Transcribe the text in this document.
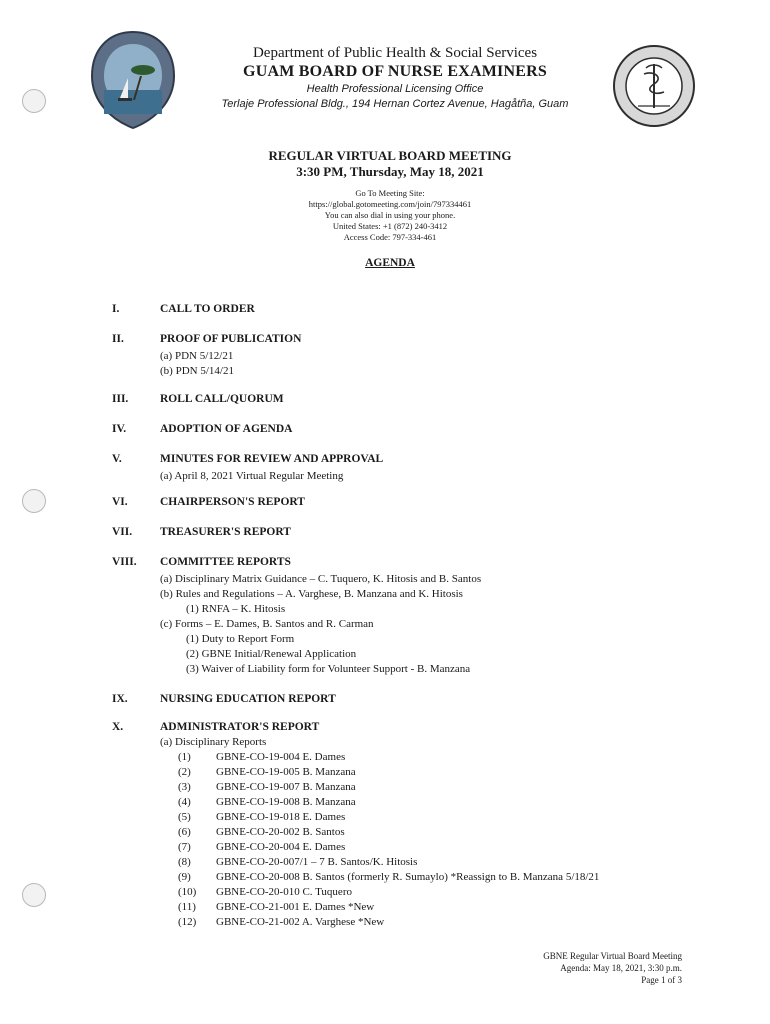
Guam Board of Nurse Examiners
PUBLIC HEALTH SOCIAL SERVICES
Department of Public Health & Social Services
GUAM BOARD OF NURSE EXAMINERS
Health Professional Licensing Office
Terlaje Professional Bldg., 194 Hernan Cortez Avenue, Hagåtña, Guam
REGULAR VIRTUAL BOARD MEETING
3:30 PM, Thursday, May 18, 2021
Go To Meeting Site:
https://global.gotomeeting.com/join/797334461
You can also dial in using your phone.
United States: +1 (872) 240-3412
Access Code: 797-334-461
AGENDA
I.	CALL TO ORDER
II.	PROOF OF PUBLICATION
(a) PDN 5/12/21
(b) PDN 5/14/21
III.	ROLL CALL/QUORUM
IV.	ADOPTION OF AGENDA
V.	MINUTES FOR REVIEW AND APPROVAL
(a) April 8, 2021 Virtual Regular Meeting
VI.	CHAIRPERSON'S REPORT
VII. TREASURER'S REPORT
VIII. COMMITTEE REPORTS
(a) Disciplinary Matrix Guidance – C. Tuquero, K. Hitosis and B. Santos
(b) Rules and Regulations – A. Varghese, B. Manzana and K. Hitosis
(1) RNFA – K. Hitosis
(c) Forms – E. Dames, B. Santos and R. Carman
(1) Duty to Report Form
(2) GBNE Initial/Renewal Application
(3) Waiver of Liability form for Volunteer Support - B. Manzana
IX.	NURSING EDUCATION REPORT
X.	ADMINISTRATOR'S REPORT
(a) Disciplinary Reports
(1) GBNE-CO-19-004 E. Dames
(2) GBNE-CO-19-005 B. Manzana
(3) GBNE-CO-19-007 B. Manzana
(4) GBNE-CO-19-008 B. Manzana
(5) GBNE-CO-19-018 E. Dames
(6) GBNE-CO-20-002 B. Santos
(7) GBNE-CO-20-004 E. Dames
(8) GBNE-CO-20-007/1 – 7 B. Santos/K. Hitosis
(9) GBNE-CO-20-008 B. Santos (formerly R. Sumaylo) *Reassign to B. Manzana 5/18/21
(10) GBNE-CO-20-010 C. Tuquero
(11) GBNE-CO-21-001 E. Dames *New
(12) GBNE-CO-21-002 A. Varghese *New
GBNE Regular Virtual Board Meeting
Agenda: May 18, 2021, 3:30 p.m.
Page 1 of 3
